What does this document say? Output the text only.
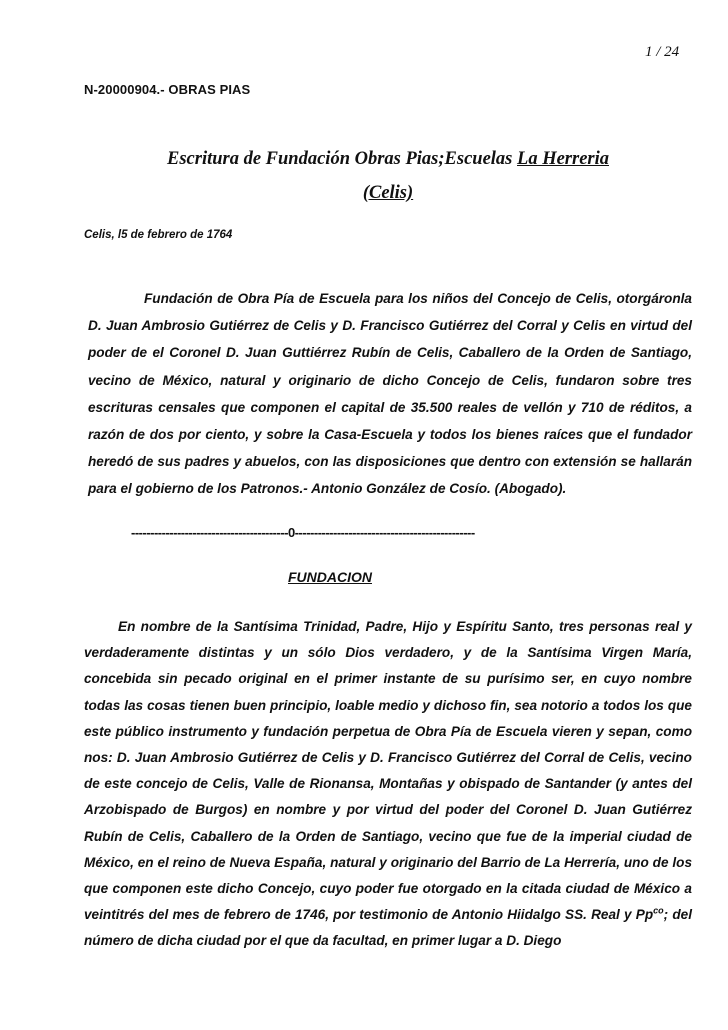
1 / 24
N-20000904.- OBRAS PIAS
Escritura de Fundación Obras Pias;Escuelas La Herreria
(Celis)
Celis, l5 de febrero de 1764

Fundación de Obra Pía de Escuela para los niños del Concejo de Celis, otorgáronla D. Juan Ambrosio Gutiérrez de Celis y D. Francisco Gutiérrez del Corral y Celis en virtud del poder de el Coronel D. Juan Guttiérrez Rubín de Celis, Caballero de la Orden de Santiago, vecino de México, natural y originario de dicho Concejo de Celis, fundaron sobre tres escrituras censales que componen el capital de 35.500 reales de vellón y 710 de réditos, a razón de dos por ciento, y sobre la Casa-Escuela y todos los bienes raíces que el fundador heredó de sus padres y abuelos, con las disposiciones que dentro con extensión se hallarán para el gobierno de los Patronos.- Antonio González de Cosío. (Abogado).

-----------------------------------------0-----------------------------------------------
FUNDACION

En nombre de la Santísima Trinidad, Padre, Hijo y Espíritu Santo, tres personas real y verdaderamente distintas y un sólo Dios verdadero, y de la Santísima Virgen María, concebida sin pecado original en el primer instante de su purísimo ser, en cuyo nombre todas las cosas tienen buen principio, loable medio y dichoso fin, sea notorio a todos los que este público instrumento y fundación perpetua de Obra Pía de Escuela vieren y sepan, como nos: D. Juan Ambrosio Gutiérrez de Celis y D. Francisco Gutiérrez del Corral de Celis, vecino de este concejo de Celis, Valle de Rionansa, Montañas y obispado de Santander (y antes del Arzobispado de Burgos) en nombre y por virtud del poder del Coronel D. Juan Gutiérrez Rubín de Celis, Caballero de la Orden de Santiago, vecino que fue de la imperial ciudad de México, en el reino de Nueva España, natural y originario del Barrio de La Herrería, uno de los que componen este dicho Concejo, cuyo poder fue otorgado en la citada ciudad de México a veintitrés del mes de febrero de 1746, por testimonio de Antonio Hiidalgo SS. Real y $Pp^{co}$; del número de dicha ciudad por el que da facultad, en primer lugar a D. Diego
